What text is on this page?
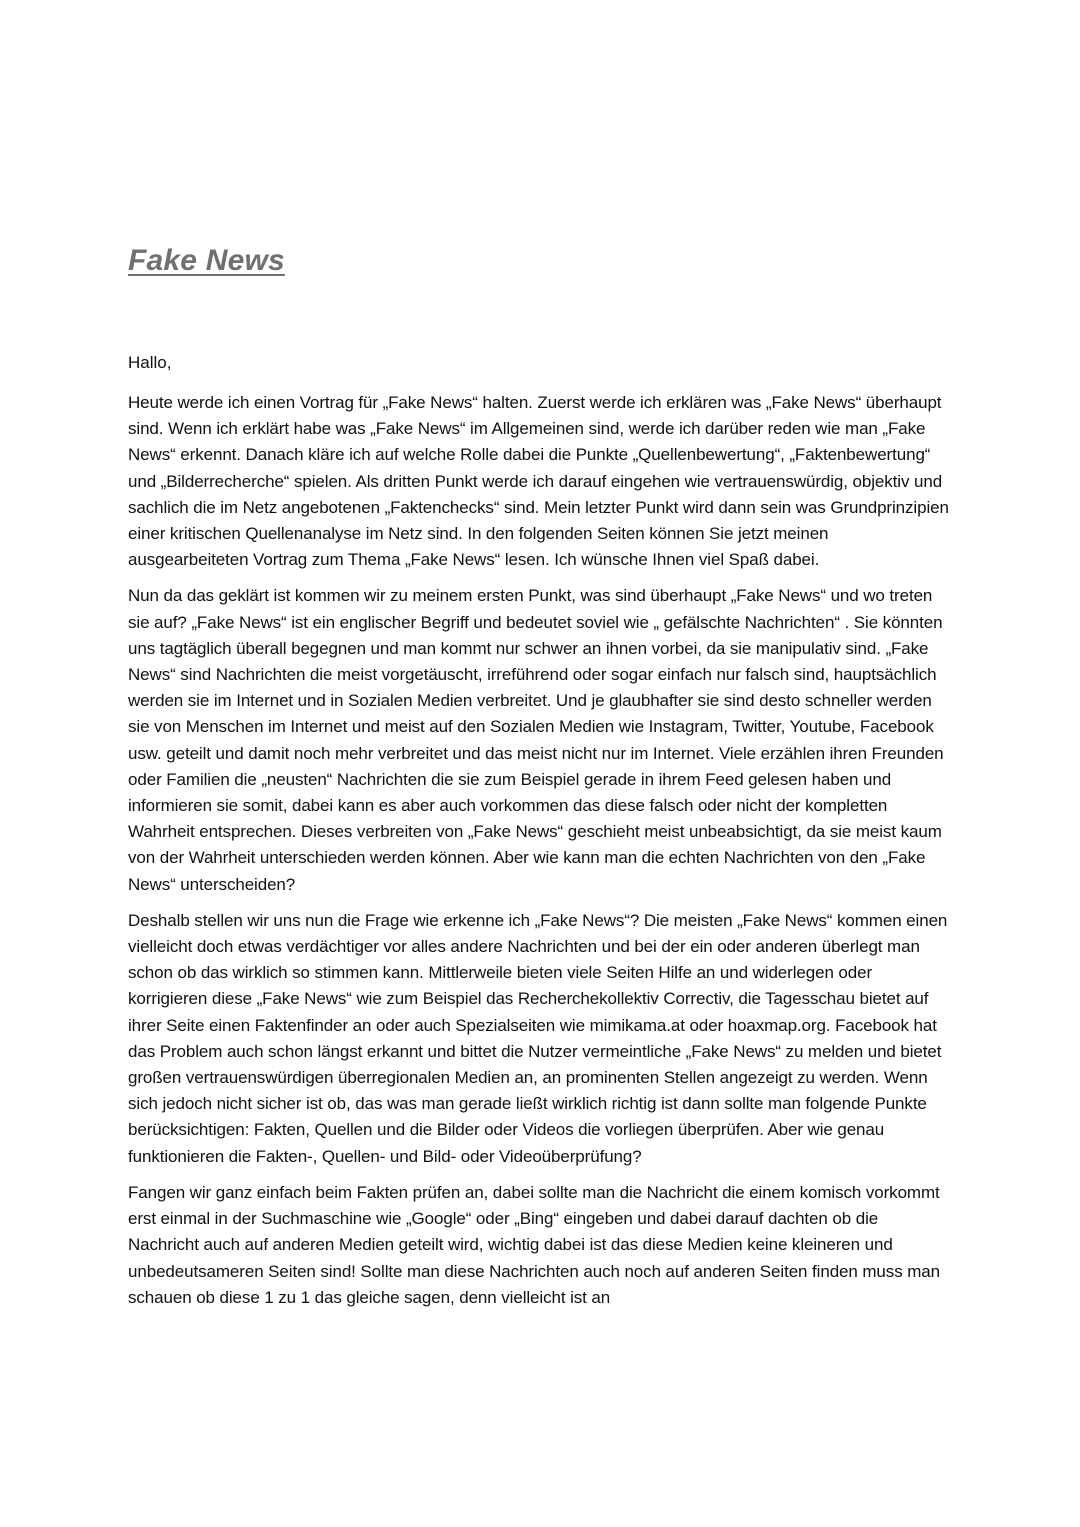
Fake News

Hallo,

Heute werde ich einen Vortrag für „Fake News“ halten. Zuerst werde ich erklären was „Fake News“ überhaupt sind. Wenn ich erklärt habe was „Fake News“ im Allgemeinen sind, werde ich darüber reden wie man „Fake News“ erkennt. Danach kläre ich auf welche Rolle dabei die Punkte „Quellenbewertung“, „Faktenbewertung“ und „Bilderrecherche“ spielen. Als dritten Punkt werde ich darauf eingehen wie vertrauenswürdig, objektiv und sachlich die im Netz angebotenen „Faktenchecks“ sind. Mein letzter Punkt wird dann sein was Grundprinzipien einer kritischen Quellenanalyse im Netz sind. In den folgenden Seiten können Sie jetzt meinen ausgearbeiteten Vortrag zum Thema „Fake News“ lesen. Ich wünsche Ihnen viel Spaß dabei.

Nun da das geklärt ist kommen wir zu meinem ersten Punkt, was sind überhaupt „Fake News“ und wo treten sie auf? „Fake News“ ist ein englischer Begriff und bedeutet soviel wie „ gefälschte Nachrichten“ . Sie könnten uns tagtäglich überall begegnen und man kommt nur schwer an ihnen vorbei, da sie manipulativ sind. „Fake News“ sind Nachrichten die meist vorgetäuscht, irreführend oder sogar einfach nur falsch sind, hauptsächlich werden sie im Internet und in Sozialen Medien verbreitet. Und je glaubhafter sie sind desto schneller werden sie von Menschen im Internet und meist auf den Sozialen Medien wie Instagram, Twitter, Youtube, Facebook usw. geteilt und damit noch mehr verbreitet und das meist nicht nur im Internet. Viele erzählen ihren Freunden oder Familien die „neusten“ Nachrichten die sie zum Beispiel gerade in ihrem Feed gelesen haben und informieren sie somit, dabei kann es aber auch vorkommen das diese falsch oder nicht der kompletten Wahrheit entsprechen. Dieses verbreiten von „Fake News“ geschieht meist unbeabsichtigt, da sie meist kaum von der Wahrheit unterschieden werden können. Aber wie kann man die echten Nachrichten von den „Fake News“ unterscheiden?

Deshalb stellen wir uns nun die Frage wie erkenne ich „Fake News“? Die meisten „Fake News“ kommen einen vielleicht doch etwas verdächtiger vor alles andere Nachrichten und bei der ein oder anderen überlegt man schon ob das wirklich so stimmen kann. Mittlerweile bieten viele Seiten Hilfe an und widerlegen oder korrigieren diese „Fake News“ wie zum Beispiel das Recherchekollektiv Correctiv, die Tagesschau bietet auf ihrer Seite einen Faktenfinder an oder auch Spezialseiten wie mimikama.at oder hoaxmap.org. Facebook hat das Problem auch schon längst erkannt und bittet die Nutzer vermeintliche „Fake News“ zu melden und bietet großen vertrauenswürdigen überregionalen Medien an, an prominenten Stellen angezeigt zu werden. Wenn sich jedoch nicht sicher ist ob, das was man gerade ließt wirklich richtig ist dann sollte man folgende Punkte berücksichtigen: Fakten, Quellen und die Bilder oder Videos die vorliegen überprüfen. Aber wie genau funktionieren die Fakten-, Quellen- und Bild- oder Videoüberprüfung?

Fangen wir ganz einfach beim Fakten prüfen an, dabei sollte man die Nachricht die einem komisch vorkommt erst einmal in der Suchmaschine wie „Google“ oder „Bing“ eingeben und dabei darauf dachten ob die Nachricht auch auf anderen Medien geteilt wird, wichtig dabei ist das diese Medien keine kleineren und unbedeutsameren Seiten sind! Sollte man diese Nachrichten auch noch auf anderen Seiten finden muss man schauen ob diese 1 zu 1 das gleiche sagen, denn vielleicht ist an
